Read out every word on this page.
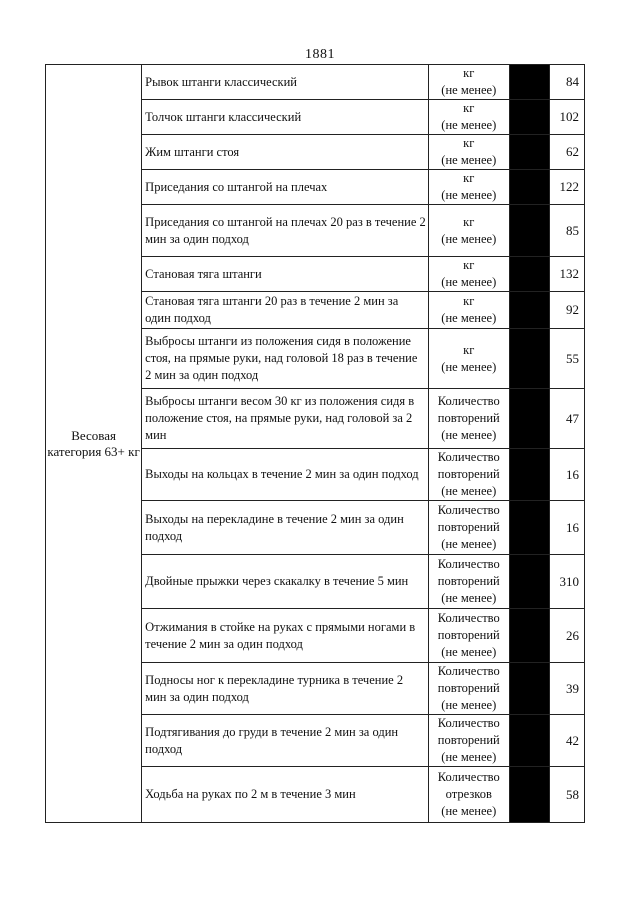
1881
Весовая категория 63+ кг	Рывок штанги классический	кг
(не менее)		84
	Толчок штанги классический	кг
(не менее)		102
	Жим штанги стоя	кг
(не менее)		62
	Приседания со штангой на плечах	кг
(не менее)		122
	Приседания со штангой на плечах 20 раз в течение 2 мин за один подход	кг
(не менее)		85
	Становая тяга штанги	кг
(не менее)		132
	Становая тяга штанги 20 раз в течение 2 мин за один подход	кг
(не менее)		92
	Выбросы штанги из положения сидя в положение стоя, на прямые руки, над головой 18 раз в течение 2 мин за один подход	кг
(не менее)		55
	Выбросы штанги весом 30 кг из положения сидя в положение стоя, на прямые руки, над головой за 2 мин	Количество
повторений
(не менее)		47
	Выходы на кольцах в течение 2 мин за один подход	Количество
повторений
(не менее)		16
	Выходы на перекладине в течение 2 мин за один подход	Количество
повторений
(не менее)		16
	Двойные прыжки через скакалку в течение 5 мин	Количество
повторений
(не менее)		310
	Отжимания в стойке на руках с прямыми ногами в течение 2 мин за один подход	Количество
повторений
(не менее)		26
	Подносы ног к перекладине турника в течение 2 мин за один подход	Количество
повторений
(не менее)		39
	Подтягивания до груди в течение 2 мин за один подход	Количество
повторений
(не менее)		42
	Ходьба на руках по 2 м в течение 3 мин	Количество
отрезков
(не менее)		58
